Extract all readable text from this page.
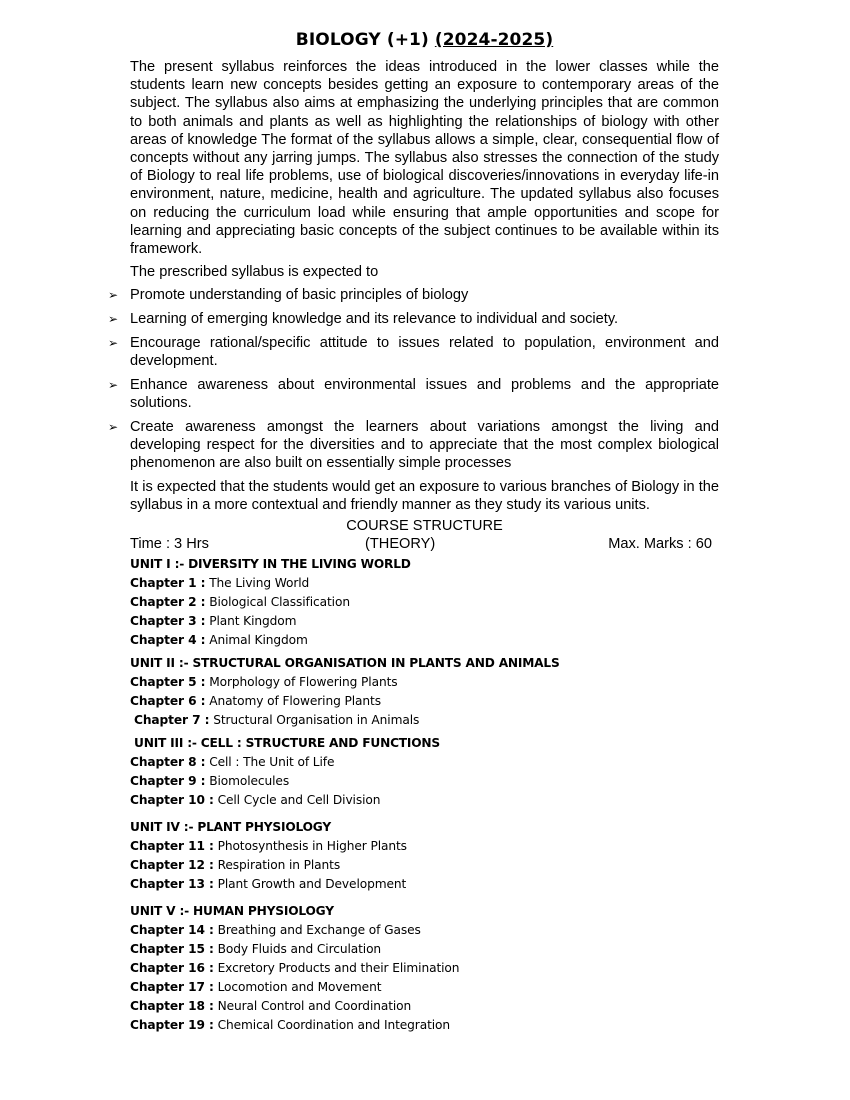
BIOLOGY (+1) (2024-2025)

The present syllabus reinforces the ideas introduced in the lower classes while the students learn new concepts besides getting an exposure to contemporary areas of the subject. The syllabus also aims at emphasizing the underlying principles that are common to both animals and plants as well as highlighting the relationships of biology with other areas of knowledge The format of the syllabus allows a simple, clear, consequential flow of concepts without any jarring jumps. The syllabus also stresses the connection of the study of Biology to real life problems, use of biological discoveries/innovations in everyday life-in environment, nature, medicine, health and agriculture. The updated syllabus also focuses on reducing the curriculum load while ensuring that ample opportunities and scope for learning and appreciating basic concepts of the subject continues to be available within its framework.

The prescribed syllabus is expected to

➢ Promote understanding of basic principles of biology
➢ Learning of emerging knowledge and its relevance to individual and society.
➢ Encourage rational/specific attitude to issues related to population, environment and development.
➢ Enhance awareness about environmental issues and problems and the appropriate solutions.
➢ Create awareness amongst the learners about variations amongst the living and developing respect for the diversities and to appreciate that the most complex biological phenomenon are also built on essentially simple processes

It is expected that the students would get an exposure to various branches of Biology in the syllabus in a more contextual and friendly manner as they study its various units.

COURSE STRUCTURE
Time : 3 Hrs	(THEORY)	Max. Marks : 60
UNIT I :- DIVERSITY IN THE LIVING WORLD
Chapter 1 : The Living World
Chapter 2 : Biological Classification
Chapter 3 : Plant Kingdom
Chapter 4 : Animal Kingdom
UNIT II :- STRUCTURAL ORGANISATION IN PLANTS AND ANIMALS
Chapter 5 : Morphology of Flowering Plants
Chapter 6 : Anatomy of Flowering Plants
Chapter 7 : Structural Organisation in Animals
UNIT III :- CELL : STRUCTURE AND FUNCTIONS
Chapter 8 : Cell : The Unit of Life
Chapter 9 : Biomolecules
Chapter 10 : Cell Cycle and Cell Division
UNIT IV :- PLANT PHYSIOLOGY
Chapter 11 : Photosynthesis in Higher Plants
Chapter 12 : Respiration in Plants
Chapter 13 : Plant Growth and Development
UNIT V :- HUMAN PHYSIOLOGY
Chapter 14 : Breathing and Exchange of Gases
Chapter 15 : Body Fluids and Circulation
Chapter 16 : Excretory Products and their Elimination
Chapter 17 : Locomotion and Movement
Chapter 18 : Neural Control and Coordination
Chapter 19 : Chemical Coordination and Integration
